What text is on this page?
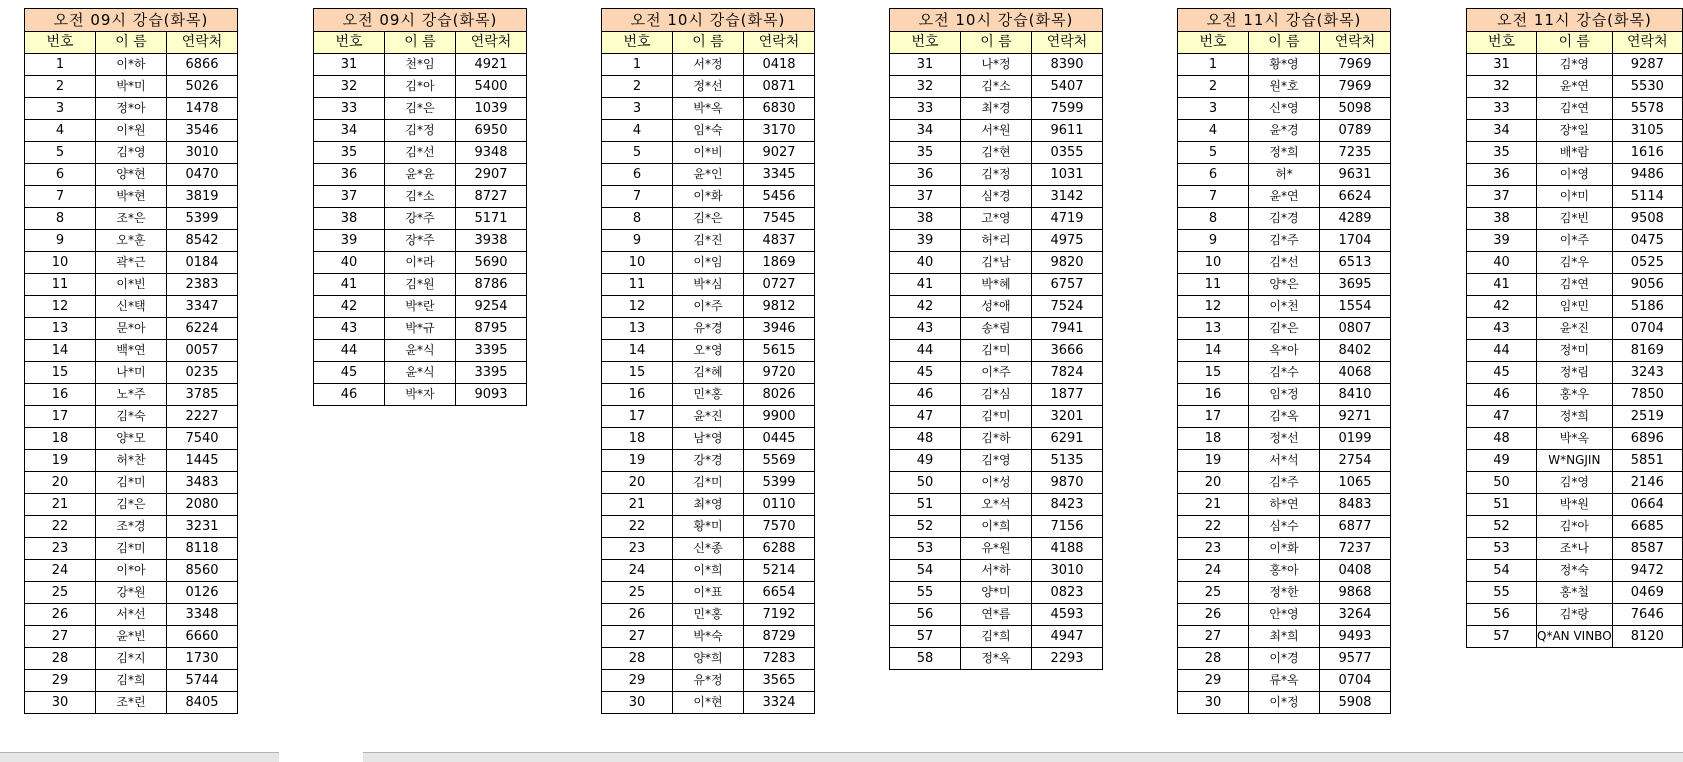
오전 09시 강습(화목)		
번호	이 름	연락처
1	이*하	6866
2	박*미	5026
3	정*아	1478
4	이*원	3546
5	김*영	3010
6	양*현	0470
7	박*현	3819
8	조*은	5399
9	오*훈	8542
10	곽*근	0184
11	이*빈	2383
12	신*택	3347
13	문*아	6224
14	백*연	0057
15	나*미	0235
16	노*주	3785
17	김*숙	2227
18	양*모	7540
19	허*찬	1445
20	김*미	3483
21	김*은	2080
22	조*경	3231
23	김*미	8118
24	이*아	8560
25	강*원	0126
26	서*선	3348
27	윤*빈	6660
28	김*지	1730
29	김*희	5744
30	조*린	8405
오전 09시 강습(화목)		
번호	이 름	연락처
31	천*임	4921
32	김*아	5400
33	김*은	1039
34	김*정	6950
35	김*선	9348
36	윤*윤	2907
37	김*소	8727
38	강*주	5171
39	장*주	3938
40	이*라	5690
41	김*원	8786
42	박*란	9254
43	박*규	8795
44	윤*식	3395
45	윤*식	3395
46	박*자	9093
오전 10시 강습(화목)		
번호	이 름	연락처
1	서*정	0418
2	정*선	0871
3	박*옥	6830
4	임*숙	3170
5	이*비	9027
6	윤*인	3345
7	이*화	5456
8	김*은	7545
9	김*진	4837
10	이*임	1869
11	박*심	0727
12	이*주	9812
13	유*경	3946
14	오*영	5615
15	김*혜	9720
16	민*홍	8026
17	윤*진	9900
18	남*영	0445
19	강*경	5569
20	김*미	5399
21	최*영	0110
22	황*미	7570
23	신*종	6288
24	이*희	5214
25	이*표	6654
26	민*홍	7192
27	박*숙	8729
28	양*희	7283
29	유*정	3565
30	이*현	3324
오전 10시 강습(화목)		
번호	이 름	연락처
31	나*정	8390
32	김*소	5407
33	최*경	7599
34	서*원	9611
35	김*현	0355
36	김*정	1031
37	심*경	3142
38	고*영	4719
39	허*리	4975
40	김*남	9820
41	박*혜	6757
42	성*애	7524
43	송*림	7941
44	김*미	3666
45	이*주	7824
46	김*심	1877
47	김*미	3201
48	김*하	6291
49	김*영	5135
50	이*성	9870
51	오*석	8423
52	이*희	7156
53	유*원	4188
54	서*하	3010
55	양*미	0823
56	연*름	4593
57	김*희	4947
58	정*옥	2293
오전 11시 강습(화목)		
번호	이 름	연락처
1	황*영	7969
2	원*호	7969
3	신*영	5098
4	윤*경	0789
5	정*희	7235
6	허*	9631
7	윤*연	6624
8	김*경	4289
9	김*주	1704
10	김*선	6513
11	양*은	3695
12	이*천	1554
13	김*은	0807
14	옥*아	8402
15	김*수	4068
16	임*정	8410
17	김*옥	9271
18	정*선	0199
19	서*석	2754
20	김*주	1065
21	하*연	8483
22	심*수	6877
23	이*화	7237
24	홍*아	0408
25	정*한	9868
26	안*영	3264
27	최*희	9493
28	이*경	9577
29	류*옥	0704
30	이*정	5908
오전 11시 강습(화목)		
번호	이 름	연락처
31	김*영	9287
32	윤*연	5530
33	김*연	5578
34	장*일	3105
35	배*람	1616
36	이*영	9486
37	이*미	5114
38	김*빈	9508
39	이*주	0475
40	김*우	0525
41	김*연	9056
42	임*민	5186
43	윤*진	0704
44	정*미	8169
45	정*림	3243
46	홍*우	7850
47	정*희	2519
48	박*옥	6896
49	W*NGJIN	5851
50	김*영	2146
51	박*원	0664
52	김*아	6685
53	조*나	8587
54	정*숙	9472
55	홍*철	0469
56	김*랑	7646
57	Q*AN VINBO	8120
